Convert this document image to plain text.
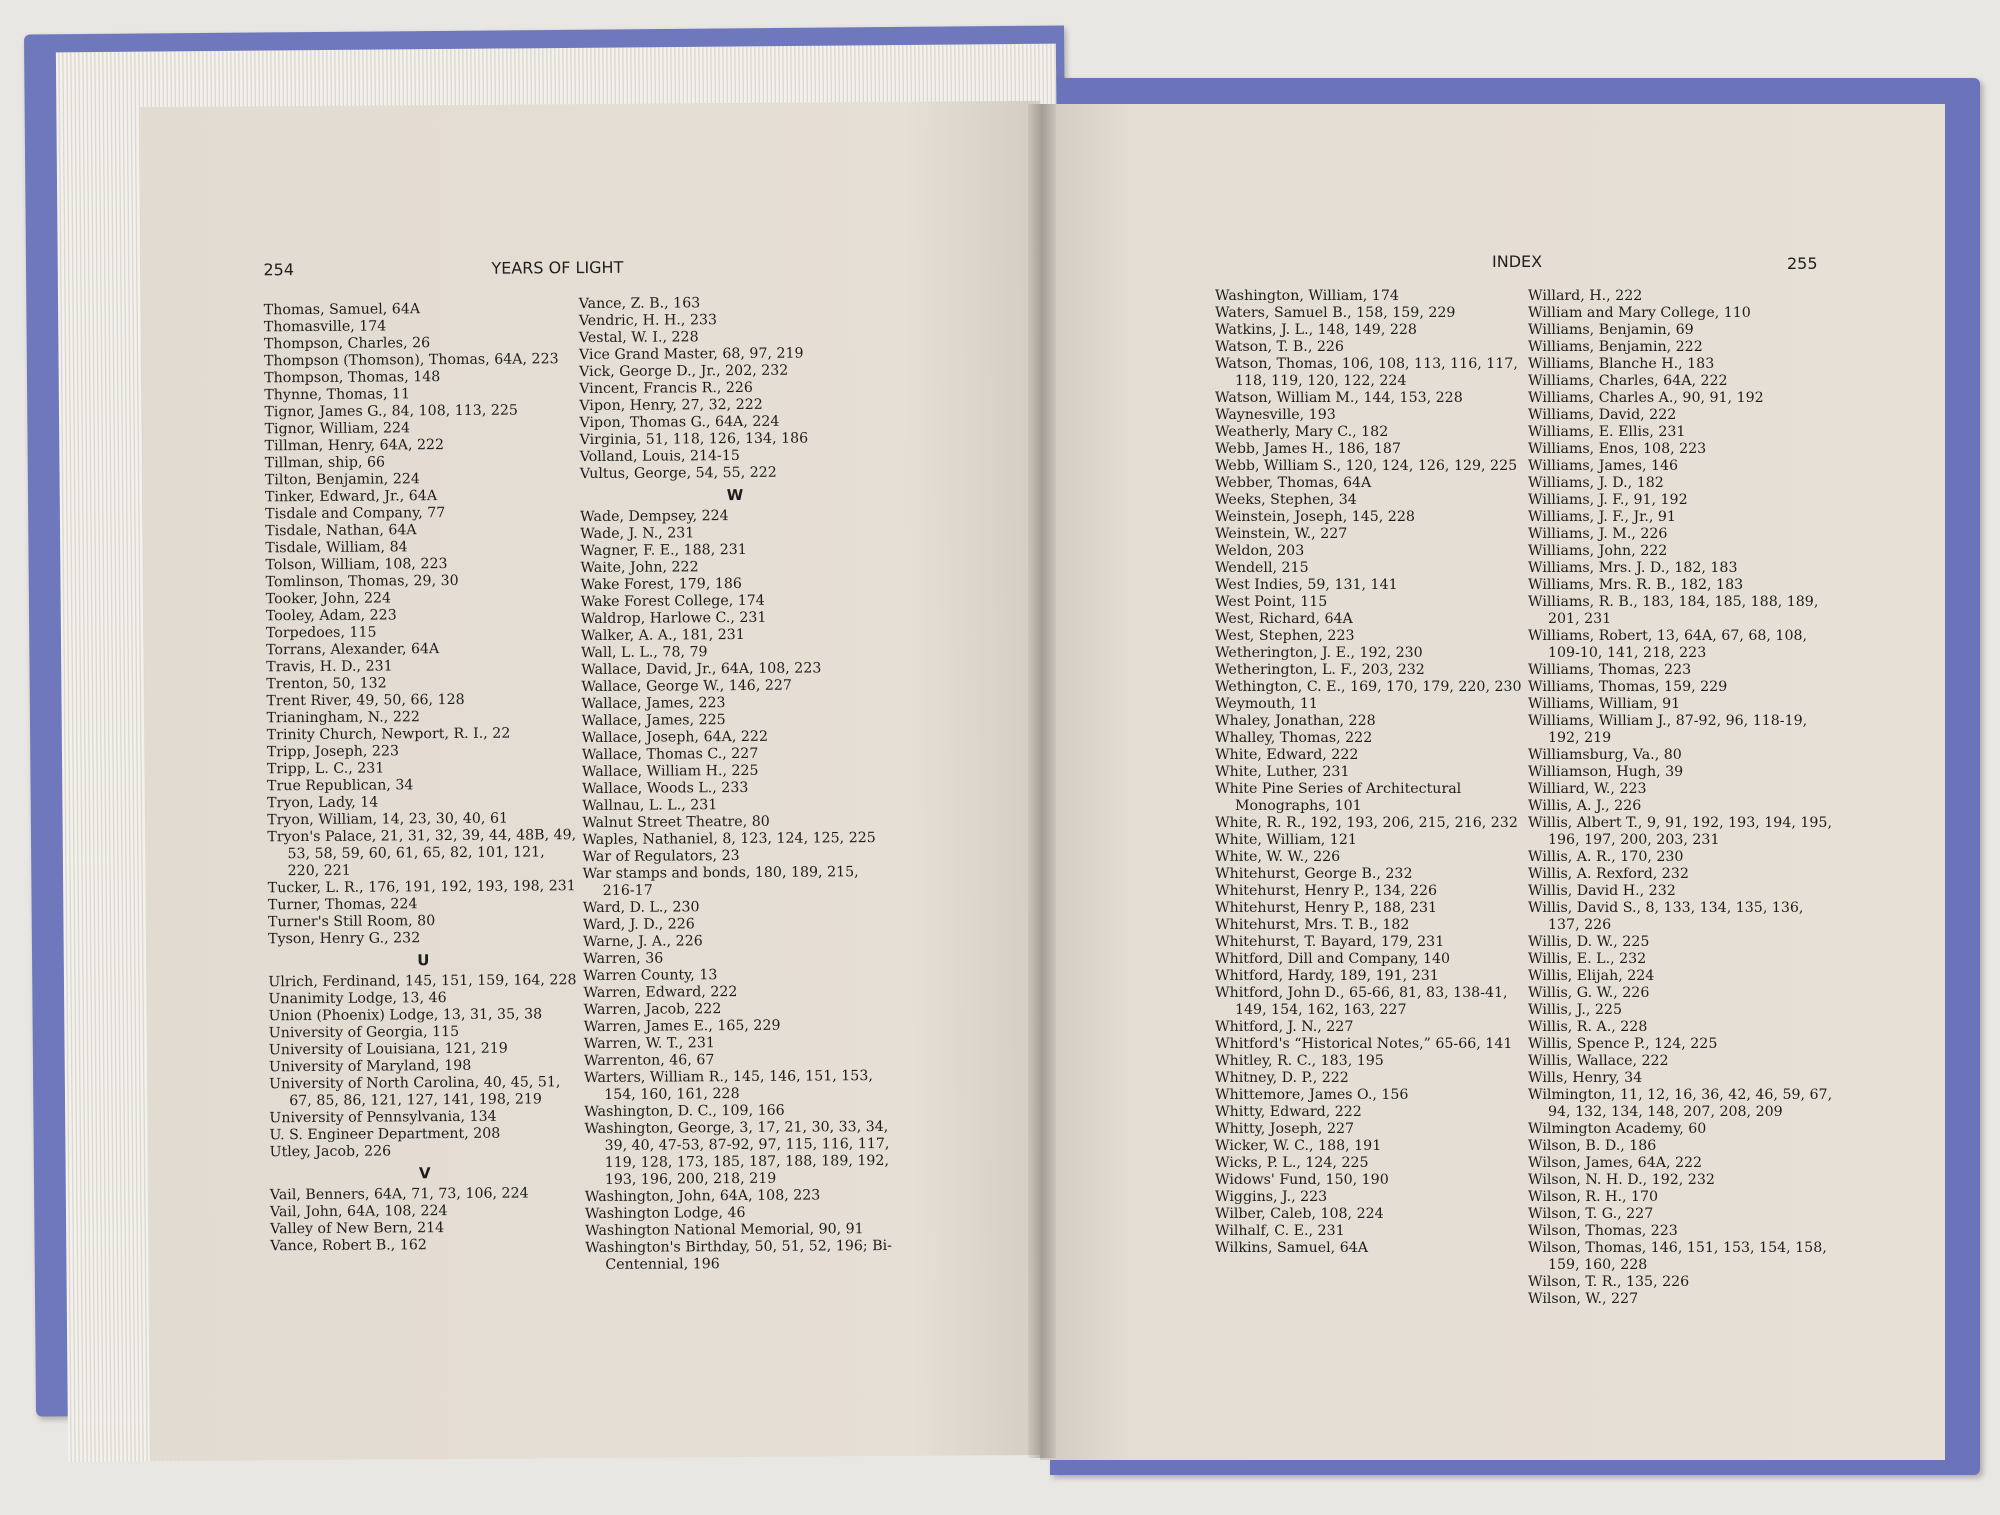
254	YEARS OF LIGHT
Thomas, Samuel, 64A
Thomasville, 174
Thompson, Charles, 26
Thompson (Thomson), Thomas, 64A, 223
Thompson, Thomas, 148
Thynne, Thomas, 11
Tignor, James G., 84, 108, 113, 225
Tignor, William, 224
Tillman, Henry, 64A, 222
Tillman, ship, 66
Tilton, Benjamin, 224
Tinker, Edward, Jr., 64A
Tisdale and Company, 77
Tisdale, Nathan, 64A
Tisdale, William, 84
Tolson, William, 108, 223
Tomlinson, Thomas, 29, 30
Tooker, John, 224
Tooley, Adam, 223
Torpedoes, 115
Torrans, Alexander, 64A
Travis, H. D., 231
Trenton, 50, 132
Trent River, 49, 50, 66, 128
Trianingham, N., 222
Trinity Church, Newport, R. I., 22
Tripp, Joseph, 223
Tripp, L. C., 231
True Republican, 34
Tryon, Lady, 14
Tryon, William, 14, 23, 30, 40, 61
Tryon's Palace, 21, 31, 32, 39, 44, 48B, 49, 53, 58, 59, 60, 61, 65, 82, 101, 121, 220, 221
Tucker, L. R., 176, 191, 192, 193, 198, 231
Turner, Thomas, 224
Turner's Still Room, 80
Tyson, Henry G., 232
U
Ulrich, Ferdinand, 145, 151, 159, 164, 228
Unanimity Lodge, 13, 46
Union (Phoenix) Lodge, 13, 31, 35, 38
University of Georgia, 115
University of Louisiana, 121, 219
University of Maryland, 198
University of North Carolina, 40, 45, 51, 67, 85, 86, 121, 127, 141, 198, 219
University of Pennsylvania, 134
U. S. Engineer Department, 208
Utley, Jacob, 226
V
Vail, Benners, 64A, 71, 73, 106, 224
Vail, John, 64A, 108, 224
Valley of New Bern, 214
Vance, Robert B., 162
Vance, Z. B., 163
Vendric, H. H., 233
Vestal, W. I., 228
Vice Grand Master, 68, 97, 219
Vick, George D., Jr., 202, 232
Vincent, Francis R., 226
Vipon, Henry, 27, 32, 222
Vipon, Thomas G., 64A, 224
Virginia, 51, 118, 126, 134, 186
Volland, Louis, 214-15
Vultus, George, 54, 55, 222
W
Wade, Dempsey, 224
Wade, J. N., 231
Wagner, F. E., 188, 231
Waite, John, 222
Wake Forest, 179, 186
Wake Forest College, 174
Waldrop, Harlowe C., 231
Walker, A. A., 181, 231
Wall, L. L., 78, 79
Wallace, David, Jr., 64A, 108, 223
Wallace, George W., 146, 227
Wallace, James, 223
Wallace, James, 225
Wallace, Joseph, 64A, 222
Wallace, Thomas C., 227
Wallace, William H., 225
Wallace, Woods L., 233
Wallnau, L. L., 231
Walnut Street Theatre, 80
Waples, Nathaniel, 8, 123, 124, 125, 225
War of Regulators, 23
War stamps and bonds, 180, 189, 215, 216-17
Ward, D. L., 230
Ward, J. D., 226
Warne, J. A., 226
Warren, 36
Warren County, 13
Warren, Edward, 222
Warren, Jacob, 222
Warren, James E., 165, 229
Warren, W. T., 231
Warrenton, 46, 67
Warters, William R., 145, 146, 151, 153, 154, 160, 161, 228
Washington, D. C., 109, 166
Washington, George, 3, 17, 21, 30, 33, 34, 39, 40, 47-53, 87-92, 97, 115, 116, 117, 119, 128, 173, 185, 187, 188, 189, 192, 193, 196, 200, 218, 219
Washington, John, 64A, 108, 223
Washington Lodge, 46
Washington National Memorial, 90, 91
Washington's Birthday, 50, 51, 52, 196; Bi-Centennial, 196
INDEX	255
Washington, William, 174
Waters, Samuel B., 158, 159, 229
Watkins, J. L., 148, 149, 228
Watson, T. B., 226
Watson, Thomas, 106, 108, 113, 116, 117, 118, 119, 120, 122, 224
Watson, William M., 144, 153, 228
Waynesville, 193
Weatherly, Mary C., 182
Webb, James H., 186, 187
Webb, William S., 120, 124, 126, 129, 225
Webber, Thomas, 64A
Weeks, Stephen, 34
Weinstein, Joseph, 145, 228
Weinstein, W., 227
Weldon, 203
Wendell, 215
West Indies, 59, 131, 141
West Point, 115
West, Richard, 64A
West, Stephen, 223
Wetherington, J. E., 192, 230
Wetherington, L. F., 203, 232
Wethington, C. E., 169, 170, 179, 220, 230
Weymouth, 11
Whaley, Jonathan, 228
Whalley, Thomas, 222
White, Edward, 222
White, Luther, 231
White Pine Series of Architectural Monographs, 101
White, R. R., 192, 193, 206, 215, 216, 232
White, William, 121
White, W. W., 226
Whitehurst, George B., 232
Whitehurst, Henry P., 134, 226
Whitehurst, Henry P., 188, 231
Whitehurst, Mrs. T. B., 182
Whitehurst, T. Bayard, 179, 231
Whitford, Dill and Company, 140
Whitford, Hardy, 189, 191, 231
Whitford, John D., 65-66, 81, 83, 138-41, 149, 154, 162, 163, 227
Whitford, J. N., 227
Whitford's “Historical Notes,” 65-66, 141
Whitley, R. C., 183, 195
Whitney, D. P., 222
Whittemore, James O., 156
Whitty, Edward, 222
Whitty, Joseph, 227
Wicker, W. C., 188, 191
Wicks, P. L., 124, 225
Widows' Fund, 150, 190
Wiggins, J., 223
Wilber, Caleb, 108, 224
Wilhalf, C. E., 231
Wilkins, Samuel, 64A
Willard, H., 222
William and Mary College, 110
Williams, Benjamin, 69
Williams, Benjamin, 222
Williams, Blanche H., 183
Williams, Charles, 64A, 222
Williams, Charles A., 90, 91, 192
Williams, David, 222
Williams, E. Ellis, 231
Williams, Enos, 108, 223
Williams, James, 146
Williams, J. D., 182
Williams, J. F., 91, 192
Williams, J. F., Jr., 91
Williams, J. M., 226
Williams, John, 222
Williams, Mrs. J. D., 182, 183
Williams, Mrs. R. B., 182, 183
Williams, R. B., 183, 184, 185, 188, 189, 201, 231
Williams, Robert, 13, 64A, 67, 68, 108, 109-10, 141, 218, 223
Williams, Thomas, 223
Williams, Thomas, 159, 229
Williams, William, 91
Williams, William J., 87-92, 96, 118-19, 192, 219
Williamsburg, Va., 80
Williamson, Hugh, 39
Williard, W., 223
Willis, A. J., 226
Willis, Albert T., 9, 91, 192, 193, 194, 195, 196, 197, 200, 203, 231
Willis, A. R., 170, 230
Willis, A. Rexford, 232
Willis, David H., 232
Willis, David S., 8, 133, 134, 135, 136, 137, 226
Willis, D. W., 225
Willis, E. L., 232
Willis, Elijah, 224
Willis, G. W., 226
Willis, J., 225
Willis, R. A., 228
Willis, Spence P., 124, 225
Willis, Wallace, 222
Wills, Henry, 34
Wilmington, 11, 12, 16, 36, 42, 46, 59, 67, 94, 132, 134, 148, 207, 208, 209
Wilmington Academy, 60
Wilson, B. D., 186
Wilson, James, 64A, 222
Wilson, N. H. D., 192, 232
Wilson, R. H., 170
Wilson, T. G., 227
Wilson, Thomas, 223
Wilson, Thomas, 146, 151, 153, 154, 158, 159, 160, 228
Wilson, T. R., 135, 226
Wilson, W., 227
